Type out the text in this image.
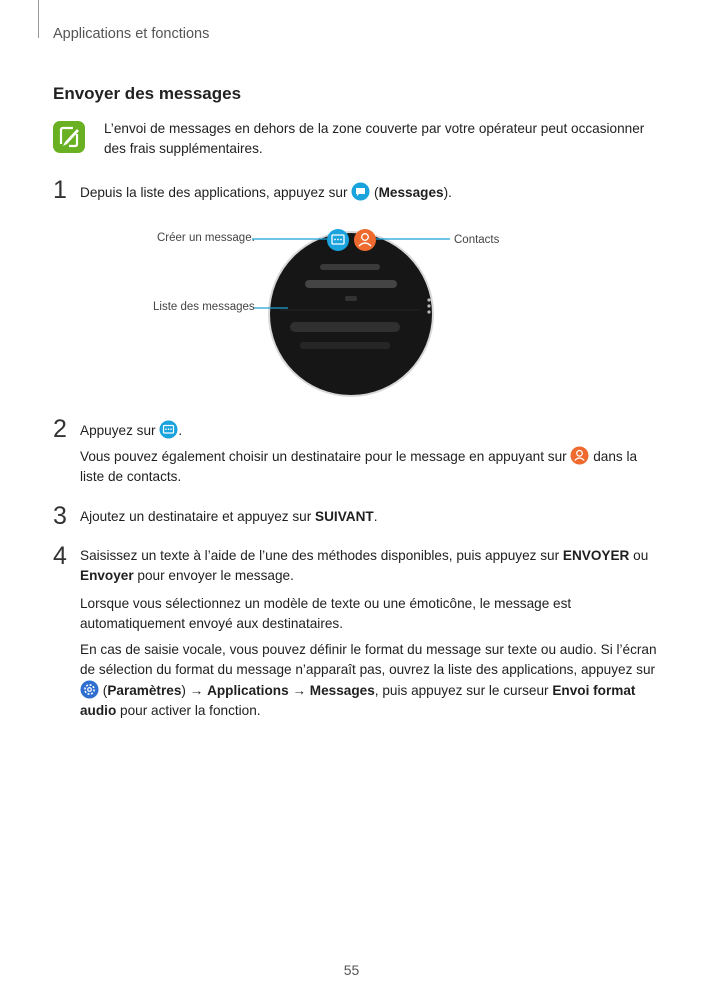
Applications et fonctions
Envoyer des messages
L’envoi de messages en dehors de la zone couverte par votre opérateur peut occasionner des frais supplémentaires.
1 Depuis la liste des applications, appuyez sur  (Messages).
Créer un message.	Contacts
Liste des messages
2 Appuyez sur .
Vous pouvez également choisir un destinataire pour le message en appuyant sur dans la liste de contacts.
3 Ajoutez un destinataire et appuyez sur SUIVANT.
4 Saisissez un texte à l’aide de l’une des méthodes disponibles, puis appuyez sur ENVOYER ou Envoyer pour envoyer le message.
Lorsque vous sélectionnez un modèle de texte ou une émoticône, le message est automatiquement envoyé aux destinataires.
En cas de saisie vocale, vous pouvez définir le format du message sur texte ou audio. Si l’écran de sélection du format du message n’apparaît pas, ouvrez la liste des applications, appuyez sur  (Paramètres) → Applications → Messages, puis appuyez sur le curseur Envoi format audio pour activer la fonction.
55
